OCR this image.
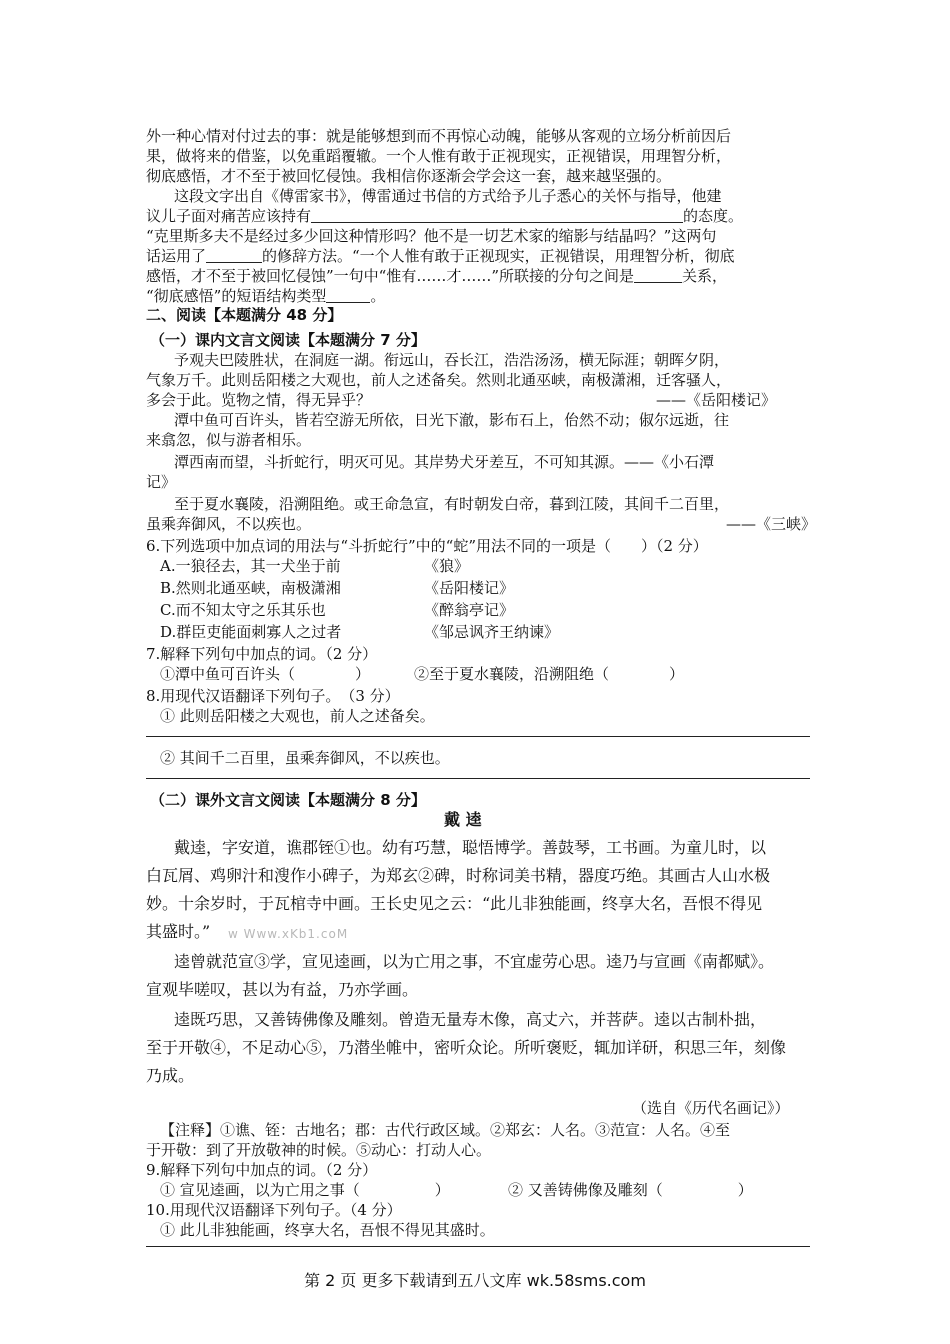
外一种心情对付过去的事：就是能够想到而不再惊心动魄，能够从客观的立场分析前因后
果，做将来的借鉴，以免重蹈覆辙。一个人惟有敢于正视现实，正视错误，用理智分析，
彻底感悟，才不至于被回忆侵蚀。我相信你逐渐会学会这一套，越来越坚强的。
这段文字出自《傅雷家书》，傅雷通过书信的方式给予儿子悉心的关怀与指导，他建
议儿子面对痛苦应该持有	的态度。
“克里斯多夫不是经过多少回这种情形吗？他不是一切艺术家的缩影与结晶吗？”这两句
话运用了	的修辞方法。“一个人惟有敢于正视现实，正视错误，用理智分析，彻底
感悟，才不至于被回忆侵蚀”一句中“惟有……才……”所联接的分句之间是	关系，
“彻底感悟”的短语结构类型	。
二、阅读【本题满分 48 分】
（一）课内文言文阅读【本题满分 7 分】
予观夫巴陵胜状，在洞庭一湖。衔远山，吞长江，浩浩汤汤，横无际涯；朝晖夕阴，
气象万千。此则岳阳楼之大观也，前人之述备矣。然则北通巫峡，南极潇湘，迁客骚人，
多会于此。览物之情，得无异乎？	——《岳阳楼记》
潭中鱼可百许头，皆若空游无所依，日光下澈，影布石上，佁然不动；俶尔远逝，往
来翕忽，似与游者相乐。
潭西南而望，斗折蛇行，明灭可见。其岸势犬牙差互，不可知其源。——《小石潭
记》
至于夏水襄陵，沿溯阻绝。或王命急宣，有时朝发白帝，暮到江陵，其间千二百里，
虽乘奔御风，不以疾也。	——《三峡》
6.下列选项中加点词的用法与“斗折蛇行”中的“蛇”用法不同的一项是（　　）（2 分）
A.一狼径去，其一犬坐于前	《狼》
B.然则北通巫峡，南极潇湘	《岳阳楼记》
C.而不知太守之乐其乐也	《醉翁亭记》
D.群臣吏能面刺寡人之过者	《邹忌讽齐王纳谏》
7.解释下列句中加点的词。（2 分）
①潭中鱼可百许头（　　　　）	②至于夏水襄陵，沿溯阻绝（　　　　）
8.用现代汉语翻译下列句子。　（3 分）
① 此则岳阳楼之大观也，前人之述备矣。
② 其间千二百里，虽乘奔御风，不以疾也。
（二）课外文言文阅读【本题满分 8 分】
戴 逵
戴逵，字安道，谯郡铚①也。幼有巧慧，聪悟博学。善鼓琴，工书画。为童儿时，以
白瓦屑、鸡卵汁和溲作小碑子，为郑玄②碑，时称词美书精，器度巧绝。其画古人山水极
妙。十余岁时，于瓦棺寺中画。王长史见之云：“此儿非独能画，终享大名，吾恨不得见
其盛时。” w Www.xKb1.coM
逵曾就范宣③学，宣见逵画，以为亡用之事，不宜虚劳心思。逵乃与宣画《南都赋》。
宣观毕嗟叹，甚以为有益，乃亦学画。
逵既巧思，又善铸佛像及雕刻。曾造无量寿木像，高丈六，并菩萨。逵以古制朴拙，
至于开敬④，不足动心⑤，乃潜坐帷中，密听众论。所听褒贬，辄加详研，积思三年，刻像
乃成。
（选自《历代名画记》）
【注释】①谯、铚：古地名；郡：古代行政区域。②郑玄：人名。③范宣：人名。④至
于开敬：到了开放敬神的时候。⑤动心：打动人心。
9.解释下列句中加点的词。（2 分）
① 宣见逵画，以为亡用之事（　　　　　）	② 又善铸佛像及雕刻（　　　　　）
10.用现代汉语翻译下列句子。（4 分）
① 此儿非独能画，终享大名，吾恨不得见其盛时。
第 2 页 更多下载请到五八文库 wk.58sms.com
